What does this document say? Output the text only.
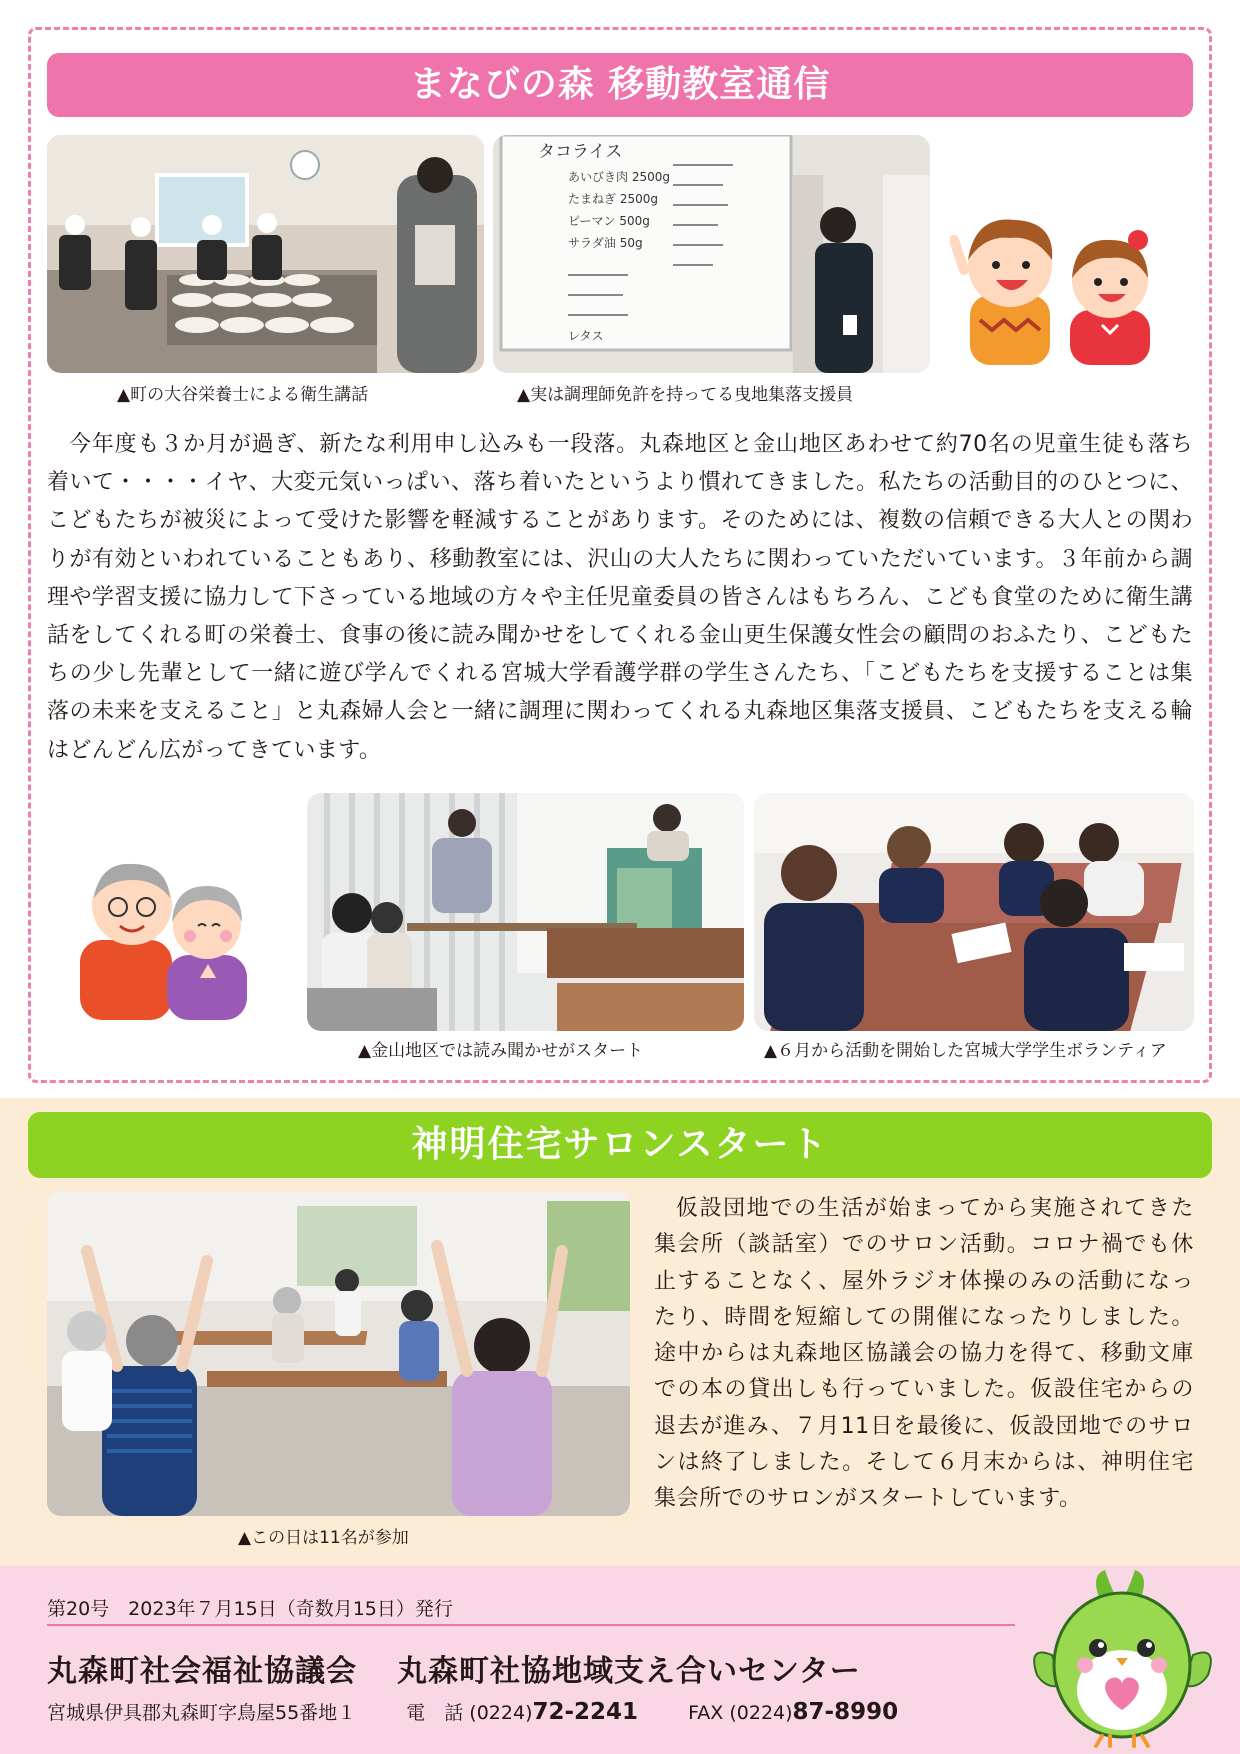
まなびの森 移動教室通信
タコライス
あいびき肉 2500g
たまねぎ 2500g
ピーマン 500g
サラダ油 50g
レタス
▲町の大谷栄養士による衛生講話	▲実は調理師免許を持ってる曳地集落支援員
今年度も３か月が過ぎ、新たな利用申し込みも一段落。丸森地区と金山地区あわせて約70名の児童生徒も落ち着いて・・・・イヤ、大変元気いっぱい、落ち着いたというより慣れてきました。私たちの活動目的のひとつに、こどもたちが被災によって受けた影響を軽減することがあります。そのためには、複数の信頼できる大人との関わりが有効といわれていることもあり、移動教室には、沢山の大人たちに関わっていただいています。３年前から調理や学習支援に協力して下さっている地域の方々や主任児童委員の皆さんはもちろん、こども食堂のために衛生講話をしてくれる町の栄養士、食事の後に読み聞かせをしてくれる金山更生保護女性会の顧問のおふたり、こどもたちの少し先輩として一緒に遊び学んでくれる宮城大学看護学群の学生さんたち、「こどもたちを支援することは集落の未来を支えること」と丸森婦人会と一緒に調理に関わってくれる丸森地区集落支援員、こどもたちを支える輪はどんどん広がってきています。
▲金山地区では読み聞かせがスタート	▲６月から活動を開始した宮城大学学生ボランティア
神明住宅サロンスタート
▲この日は11名が参加
仮設団地での生活が始まってから実施されてきた集会所（談話室）でのサロン活動。コロナ禍でも休止することなく、屋外ラジオ体操のみの活動になったり、時間を短縮しての開催になったりしました。途中からは丸森地区協議会の協力を得て、移動文庫での本の貸出しも行っていました。仮設住宅からの退去が進み、７月11日を最後に、仮設団地でのサロンは終了しました。そして６月末からは、神明住宅集会所でのサロンがスタートしています。
第20号　2023年７月15日（奇数月15日）発行
丸森町社会福祉協議会 丸森町社協地域支え合いセンター
宮城県伊具郡丸森町字鳥屋55番地１	電　話 (0224)72-2241	FAX (0224)87-8990
